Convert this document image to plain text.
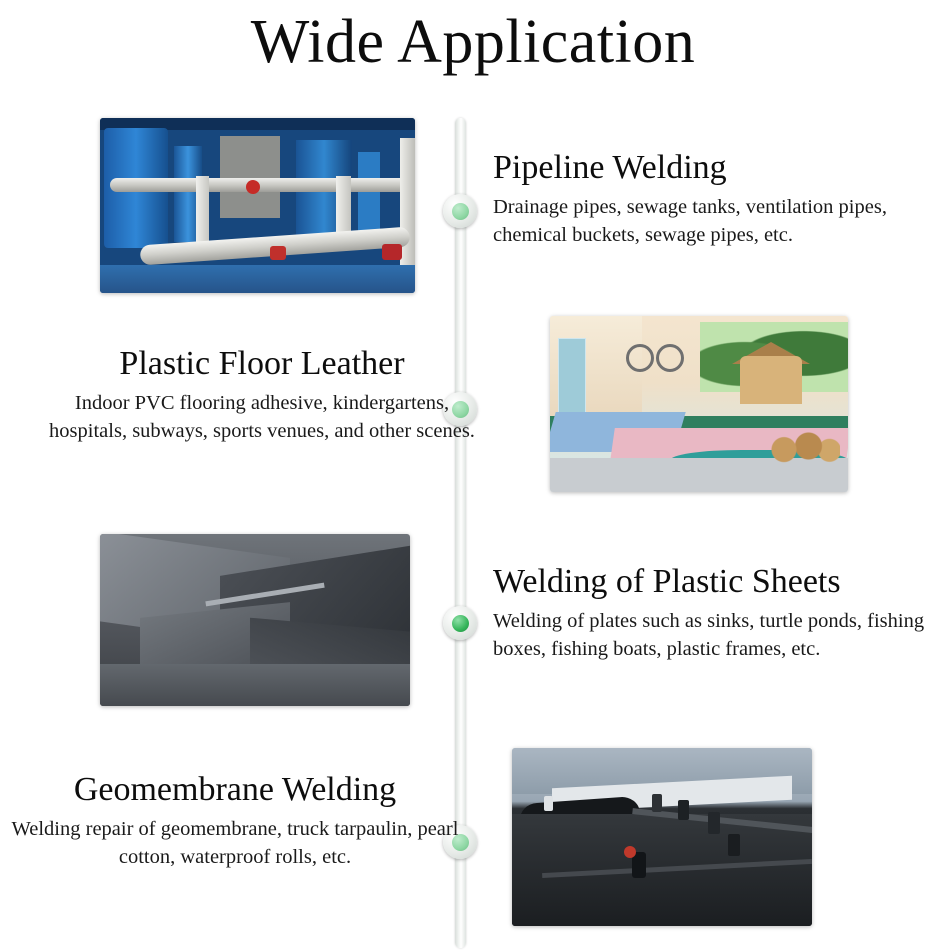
Wide Application
Pipeline Welding

Drainage pipes, sewage tanks, ventilation pipes, chemical buckets, sewage pipes, etc.

Plastic Floor Leather

Indoor PVC flooring adhesive, kindergartens, hospitals, subways, sports venues, and other scenes.

Welding of Plastic Sheets

Welding of plates such as sinks, turtle ponds, fishing boxes, fishing boats, plastic frames, etc.

Geomembrane Welding

Welding repair of geomembrane, truck tarpaulin, pearl cotton, waterproof rolls, etc.
